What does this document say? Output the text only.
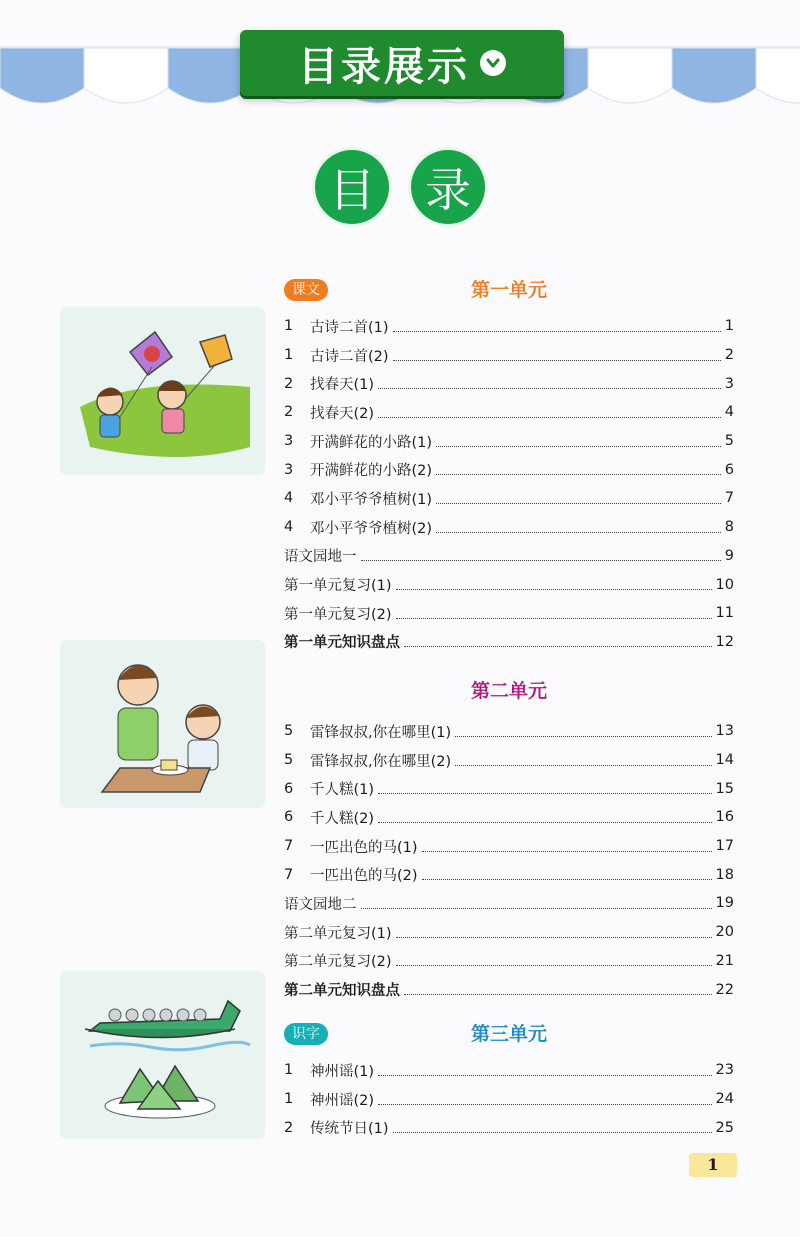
目录展示
目	录
课文	第一单元
1	古诗二首(1)	1
1	古诗二首(2)	2
2	找春天(1)	3
2	找春天(2)	4
3	开满鲜花的小路(1)	5
3	开满鲜花的小路(2)	6
4	邓小平爷爷植树(1)	7
4	邓小平爷爷植树(2)	8
语文园地一	9
第一单元复习(1)	10
第一单元复习(2)	11
第一单元知识盘点	12
第二单元
5	雷锋叔叔,你在哪里(1)	13
5	雷锋叔叔,你在哪里(2)	14
6	千人糕(1)	15
6	千人糕(2)	16
7	一匹出色的马(1)	17
7	一匹出色的马(2)	18
语文园地二	19
第二单元复习(1)	20
第二单元复习(2)	21
第二单元知识盘点	22
识字	第三单元
1	神州谣(1)	23
1	神州谣(2)	24
2	传统节日(1)	25
1
